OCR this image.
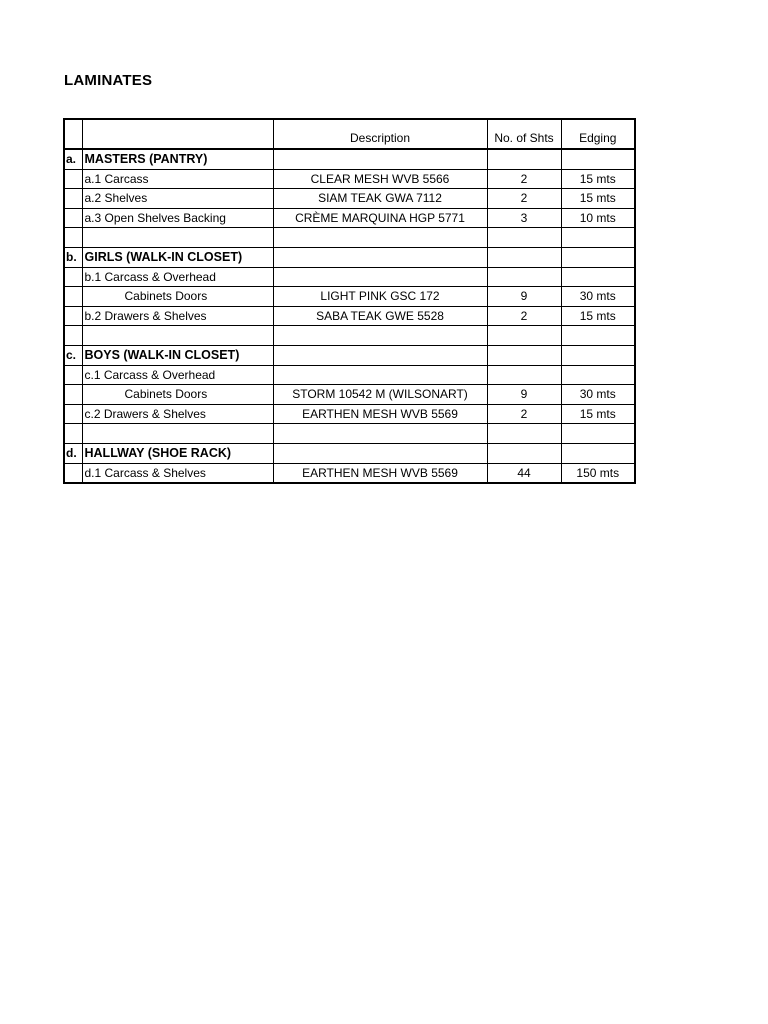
LAMINATES
		Description	No. of Shts	Edging
a.	MASTERS (PANTRY)			
	a.1 Carcass	CLEAR MESH WVB 5566	2	15 mts
	a.2 Shelves	SIAM TEAK GWA 7112	2	15 mts
	a.3 Open Shelves Backing	CRÈME MARQUINA HGP 5771	3	10 mts

b.	GIRLS (WALK-IN CLOSET)			
	b.1 Carcass & Overhead			
	Cabinets Doors	LIGHT PINK GSC 172	9	30 mts
	b.2 Drawers & Shelves	SABA TEAK GWE 5528	2	15 mts

c.	BOYS (WALK-IN CLOSET)			
	c.1 Carcass & Overhead			
	Cabinets Doors	STORM 10542 M (WILSONART)	9	30 mts
	c.2 Drawers & Shelves	EARTHEN MESH WVB 5569	2	15 mts

d.	HALLWAY (SHOE RACK)			
	d.1 Carcass & Shelves	EARTHEN MESH WVB 5569	44	150 mts
